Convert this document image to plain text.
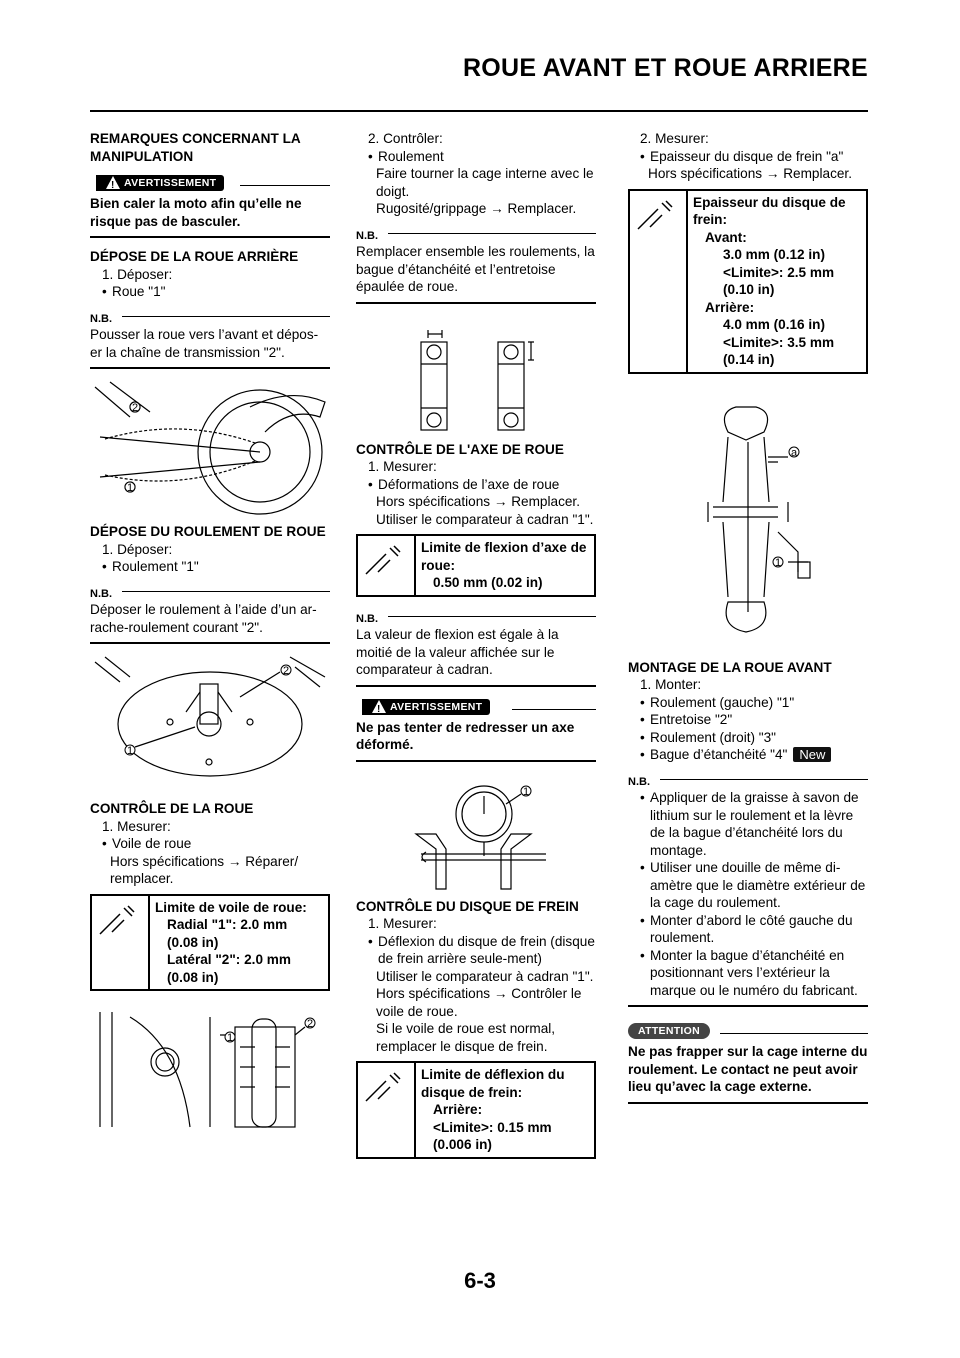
ROUE AVANT ET ROUE ARRIERE

REMARQUES CONCERNANT LA MANIPULATION

! AVERTISSEMENT

Bien caler la moto afin qu’elle ne risque pas de basculer.

DÉPOSE DE LA ROUE ARRIÈRE

1. Déposer:

• Roue "1"

N.B.

Pousser la roue vers l’avant et dépos-er la chaîne de transmission "2".

2
1

DÉPOSE DU ROULEMENT DE ROUE

1. Déposer:

• Roulement "1"

N.B.

Déposer le roulement à l’aide d’un ar-rache-roulement courant "2".

2
1

CONTRÔLE DE LA ROUE

1. Mesurer:

• Voile de roue

Hors spécifications → Réparer/ remplacer.

Limite de voile de roue:
Radial "1": 2.0 mm
(0.08 in)
Latéral "2": 2.0 mm
(0.08 in)
1
2

2. Contrôler:

• Roulement

Faire tourner la cage interne avec le doigt.

Rugosité/grippage → Remplacer.

N.B.

Remplacer ensemble les roulements, la bague d’étanchéité et l’entretoise épaulée de roue.

CONTRÔLE DE L'AXE DE ROUE

1. Mesurer:

• Déformations de l’axe de roue

Hors spécifications → Remplacer.

Utiliser le comparateur à cadran "1".

Limite de flexion d’axe de roue:
0.50 mm (0.02 in)
N.B.

La valeur de flexion est égale à la moitié de la valeur affichée sur le comparateur à cadran.

! AVERTISSEMENT

Ne pas tenter de redresser un axe déformé.

1

CONTRÔLE DU DISQUE DE FREIN

1. Mesurer:

• Déflexion du disque de frein (disque de frein arrière seule-ment)

Utiliser le comparateur à cadran "1".

Hors spécifications → Contrôler le voile de roue.

Si le voile de roue est normal, remplacer le disque de frein.

Limite de déflexion du disque de frein:
Arrière:
<Limite>: 0.15 mm
(0.006 in)

2. Mesurer:

• Epaisseur du disque de frein "a"

Hors spécifications → Remplacer.

Epaisseur du disque de frein:
Avant:
3.0 mm (0.12 in)
<Limite>: 2.5 mm
(0.10 in)
Arrière:
4.0 mm (0.16 in)
<Limite>: 3.5 mm
(0.14 in)
a
1

MONTAGE DE LA ROUE AVANT

1. Monter:

• Roulement (gauche) "1"

• Entretoise "2"

• Roulement (droit) "3"

• Bague d’étanchéité "4" New

N.B.

• Appliquer de la graisse à savon de lithium sur le roulement et la lèvre de la bague d’étanchéité lors du montage.

• Utiliser une douille de même di-amètre que le diamètre extérieur de la cage du roulement.

• Monter d’abord le côté gauche du roulement.

• Monter la bague d’étanchéité en positionnant vers l’extérieur la marque ou le numéro du fabricant.

ATTENTION

Ne pas frapper sur la cage interne du roulement. Le contact ne peut avoir lieu qu’avec la cage externe.

6-3
